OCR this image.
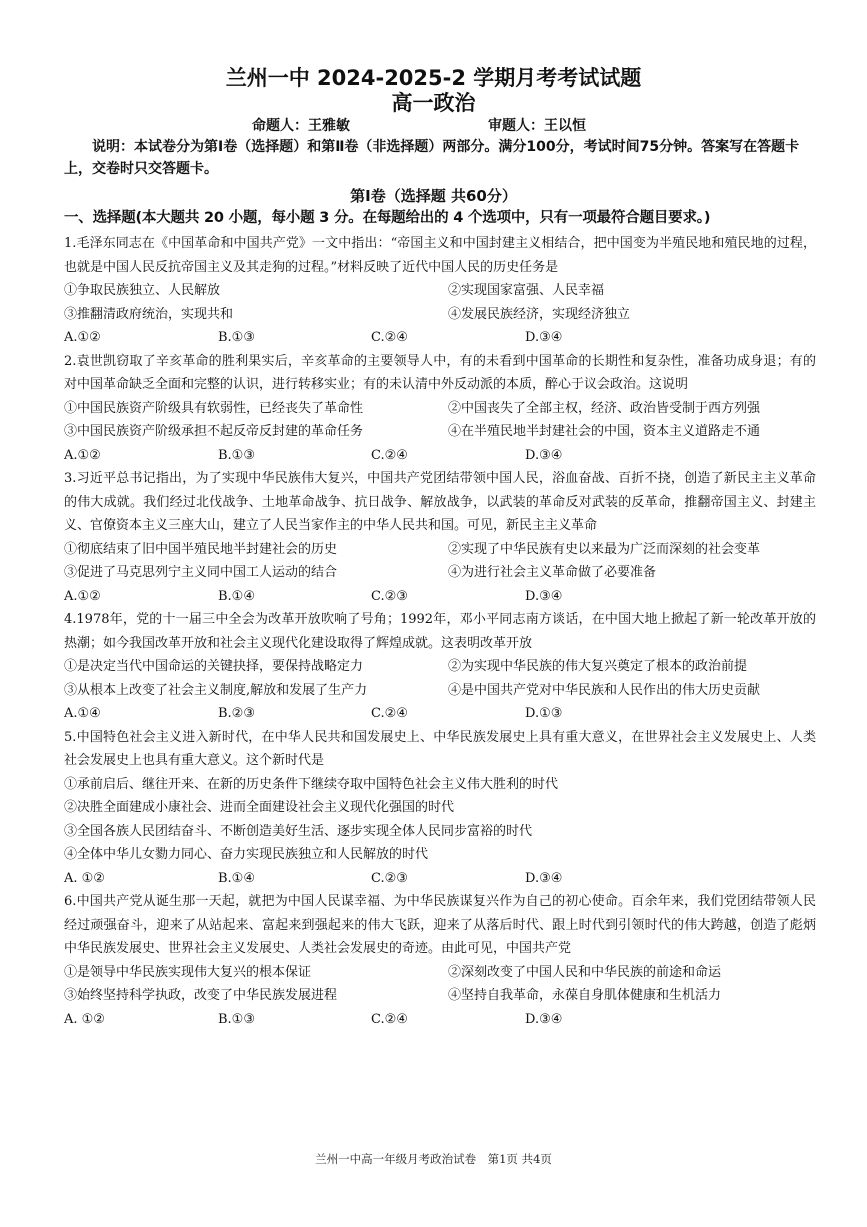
兰州一中 2024-2025-2 学期月考考试试题
高一政治
命题人：王雅敏	审题人：王以恒
说明：本试卷分为第Ⅰ卷（选择题）和第Ⅱ卷（非选择题）两部分。满分100分，考试时间75分钟。答案写在答题卡上，交卷时只交答题卡。
第Ⅰ卷（选择题 共60分）
一、选择题(本大题共 20 小题，每小题 3 分。在每题给出的 4 个选项中，只有一项最符合题目要求。)
1.毛泽东同志在《中国革命和中国共产党》一文中指出：“帝国主义和中国封建主义相结合，把中国变为半殖民地和殖民地的过程，也就是中国人民反抗帝国主义及其走狗的过程。”材料反映了近代中国人民的历史任务是
①争取民族独立、人民解放	②实现国家富强、人民幸福
③推翻清政府统治，实现共和	④发展民族经济，实现经济独立
A.①②	B.①③	C.②④	D.③④
2.袁世凯窃取了辛亥革命的胜利果实后，辛亥革命的主要领导人中，有的未看到中国革命的长期性和复杂性，准备功成身退；有的对中国革命缺乏全面和完整的认识，进行转移实业；有的未认清中外反动派的本质，醉心于议会政治。这说明
①中国民族资产阶级具有软弱性，已经丧失了革命性	②中国丧失了全部主权，经济、政治皆受制于西方列强
③中国民族资产阶级承担不起反帝反封建的革命任务	④在半殖民地半封建社会的中国，资本主义道路走不通
A.①②	B.①③	C.②④	D.③④
3.习近平总书记指出，为了实现中华民族伟大复兴，中国共产党团结带领中国人民，浴血奋战、百折不挠，创造了新民主主义革命的伟大成就。我们经过北伐战争、土地革命战争、抗日战争、解放战争，以武装的革命反对武装的反革命，推翻帝国主义、封建主义、官僚资本主义三座大山，建立了人民当家作主的中华人民共和国。可见，新民主主义革命
①彻底结束了旧中国半殖民地半封建社会的历史	②实现了中华民族有史以来最为广泛而深刻的社会变革
③促进了马克思列宁主义同中国工人运动的结合	④为进行社会主义革命做了必要准备
A.①②	B.①④	C.②③	D.③④
4.1978年，党的十一届三中全会为改革开放吹响了号角；1992年，邓小平同志南方谈话，在中国大地上掀起了新一轮改革开放的热潮；如今我国改革开放和社会主义现代化建设取得了辉煌成就。这表明改革开放
①是决定当代中国命运的关键抉择，要保持战略定力	②为实现中华民族的伟大复兴奠定了根本的政治前提
③从根本上改变了社会主义制度,解放和发展了生产力	④是中国共产党对中华民族和人民作出的伟大历史贡献
A.①④	B.②③	C.②④	D.①③
5.中国特色社会主义进入新时代，在中华人民共和国发展史上、中华民族发展史上具有重大意义，在世界社会主义发展史上、人类社会发展史上也具有重大意义。这个新时代是
①承前启后、继往开来、在新的历史条件下继续夺取中国特色社会主义伟大胜利的时代
②决胜全面建成小康社会、进而全面建设社会主义现代化强国的时代
③全国各族人民团结奋斗、不断创造美好生活、逐步实现全体人民同步富裕的时代
④全体中华儿女勠力同心、奋力实现民族独立和人民解放的时代
A. ①②	B.①④	C.②③	D.③④
6.中国共产党从诞生那一天起，就把为中国人民谋幸福、为中华民族谋复兴作为自己的初心使命。百余年来，我们党团结带领人民经过顽强奋斗，迎来了从站起来、富起来到强起来的伟大飞跃，迎来了从落后时代、跟上时代到引领时代的伟大跨越，创造了彪炳中华民族发展史、世界社会主义发展史、人类社会发展史的奇迹。由此可见，中国共产党
①是领导中华民族实现伟大复兴的根本保证	②深刻改变了中国人民和中华民族的前途和命运
③始终坚持科学执政，改变了中华民族发展进程	④坚持自我革命，永葆自身肌体健康和生机活力
A. ①②	B.①③	C.②④	D.③④
兰州一中高一年级月考政治试卷　第1页 共4页
